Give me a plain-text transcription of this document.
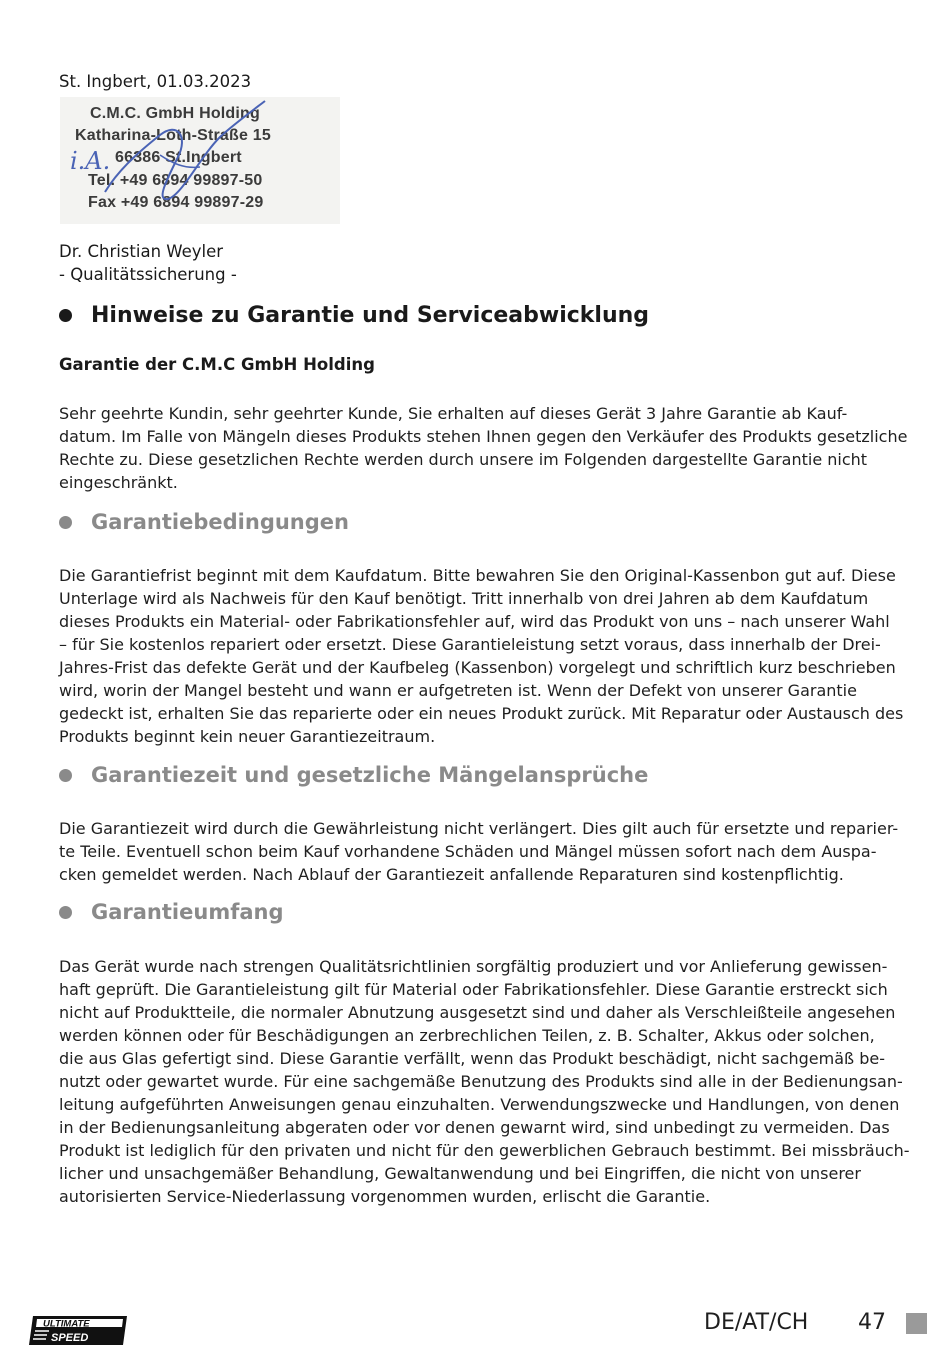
St. Ingbert, 01.03.2023
C.M.C. GmbH Holding
Katharina-Loth-Straße 15
66386 St.Ingbert
Tel. +49 6894 99897-50
Fax +49 6894 99897-29
i.A.
Dr. Christian Weyler
- Qualitätssicherung -
Hinweise zu Garantie und Serviceabwicklung
Garantie der C.M.C GmbH Holding
Sehr geehrte Kundin, sehr geehrter Kunde, Sie erhalten auf dieses Gerät 3 Jahre Garantie ab Kauf-
datum. Im Falle von Mängeln dieses Produkts stehen Ihnen gegen den Verkäufer des Produkts gesetzliche
Rechte zu. Diese gesetzlichen Rechte werden durch unsere im Folgenden dargestellte Garantie nicht
eingeschränkt.
Garantiebedingungen
Die Garantiefrist beginnt mit dem Kaufdatum. Bitte bewahren Sie den Original-Kassenbon gut auf. Diese
Unterlage wird als Nachweis für den Kauf benötigt. Tritt innerhalb von drei Jahren ab dem Kaufdatum
dieses Produkts ein Material- oder Fabrikationsfehler auf, wird das Produkt von uns – nach unserer Wahl
– für Sie kostenlos repariert oder ersetzt. Diese Garantieleistung setzt voraus, dass innerhalb der Drei-
Jahres-Frist das defekte Gerät und der Kaufbeleg (Kassenbon) vorgelegt und schriftlich kurz beschrieben
wird, worin der Mangel besteht und wann er aufgetreten ist. Wenn der Defekt von unserer Garantie
gedeckt ist, erhalten Sie das reparierte oder ein neues Produkt zurück. Mit Reparatur oder Austausch des
Produkts beginnt kein neuer Garantiezeitraum.
Garantiezeit und gesetzliche Mängelansprüche
Die Garantiezeit wird durch die Gewährleistung nicht verlängert. Dies gilt auch für ersetzte und reparier-
te Teile. Eventuell schon beim Kauf vorhandene Schäden und Mängel müssen sofort nach dem Auspa-
cken gemeldet werden. Nach Ablauf der Garantiezeit anfallende Reparaturen sind kostenpflichtig.
Garantieumfang
Das Gerät wurde nach strengen Qualitätsrichtlinien sorgfältig produziert und vor Anlieferung gewissen-
haft geprüft. Die Garantieleistung gilt für Material oder Fabrikationsfehler. Diese Garantie erstreckt sich
nicht auf Produktteile, die normaler Abnutzung ausgesetzt sind und daher als Verschleißteile angesehen
werden können oder für Beschädigungen an zerbrechlichen Teilen, z. B. Schalter, Akkus oder solchen,
die aus Glas gefertigt sind. Diese Garantie verfällt, wenn das Produkt beschädigt, nicht sachgemäß be-
nutzt oder gewartet wurde. Für eine sachgemäße Benutzung des Produkts sind alle in der Bedienungsan-
leitung aufgeführten Anweisungen genau einzuhalten. Verwendungszwecke und Handlungen, von denen
in der Bedienungsanleitung abgeraten oder vor denen gewarnt wird, sind unbedingt zu vermeiden. Das
Produkt ist lediglich für den privaten und nicht für den gewerblichen Gebrauch bestimmt. Bei missbräuch-
licher und unsachgemäßer Behandlung, Gewaltanwendung und bei Eingriffen, die nicht von unserer
autorisierten Service-Niederlassung vorgenommen wurden, erlischt die Garantie.
ULTIMATE
SPEED
DE/AT/CH 47
